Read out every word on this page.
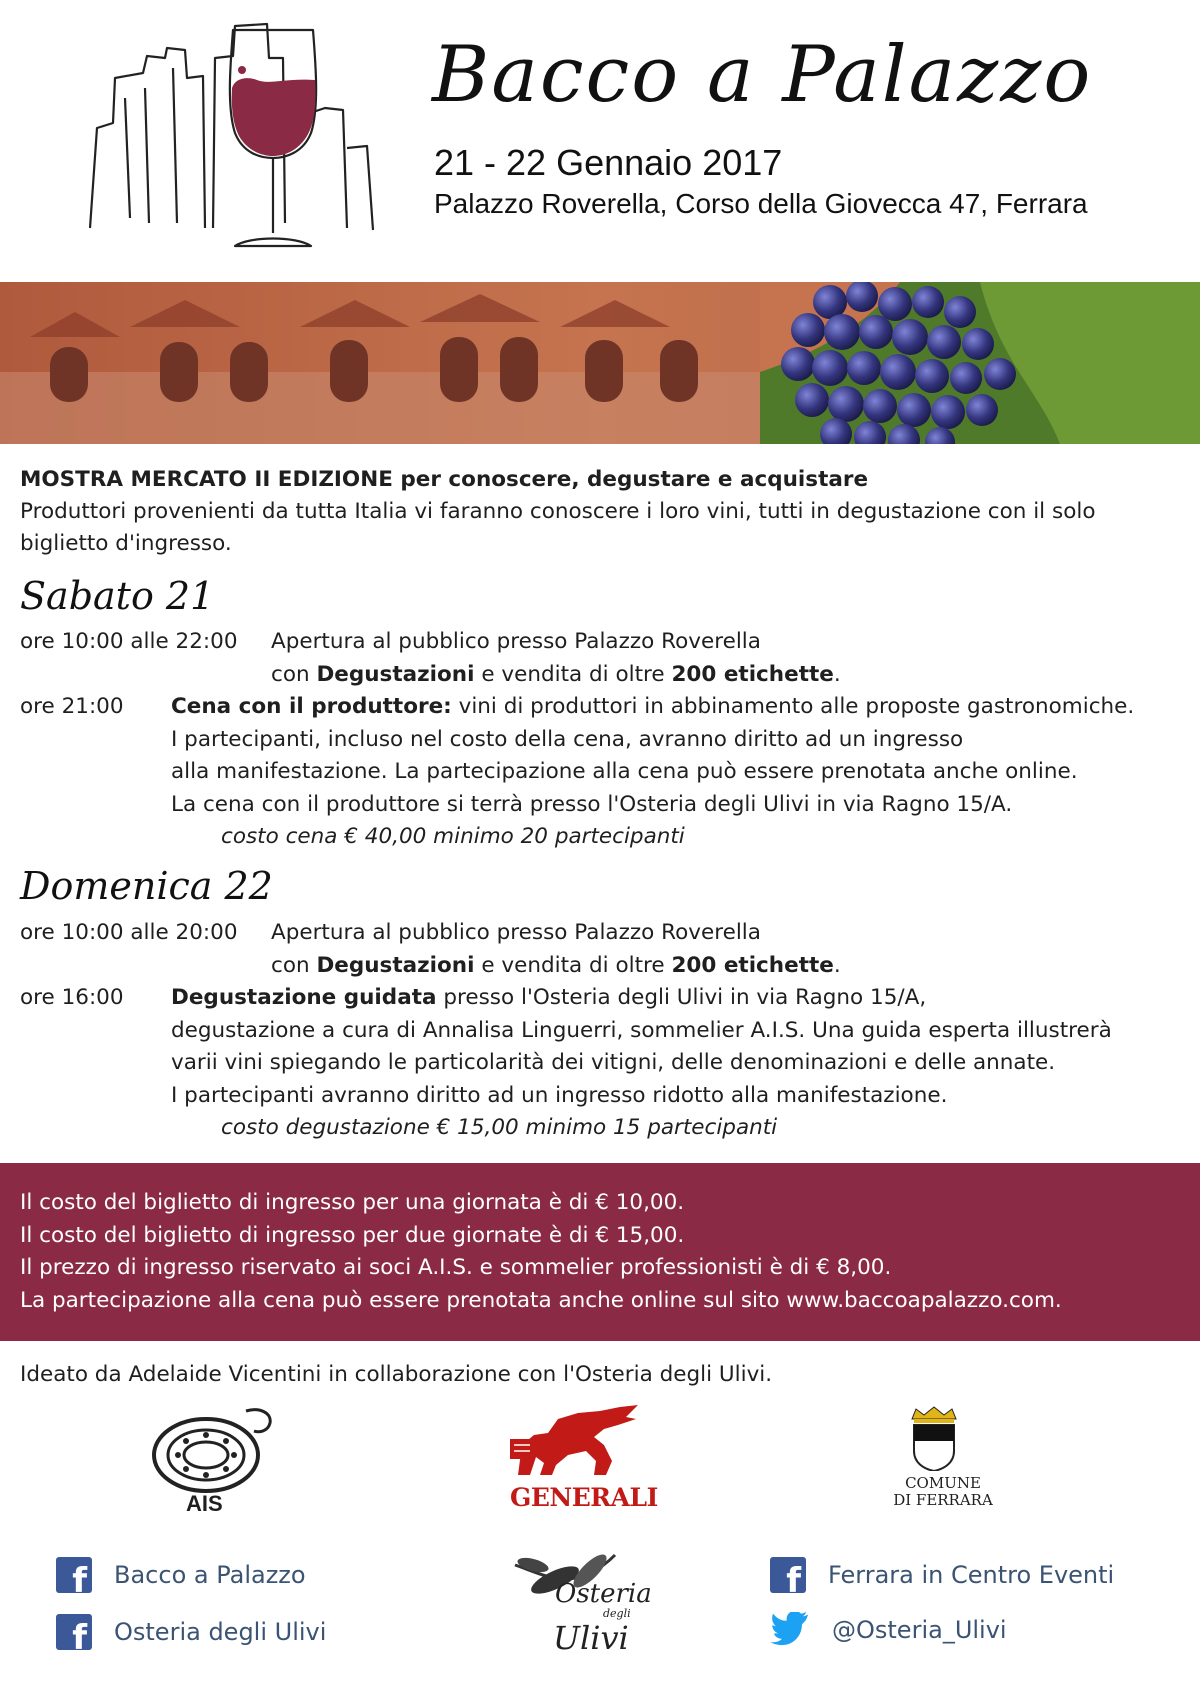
Bacco a Palazzo
21 - 22 Gennaio 2017
Palazzo Roverella, Corso della Giovecca 47, Ferrara
MOSTRA MERCATO II EDIZIONE per conoscere, degustare e acquistare
Produttori provenienti da tutta Italia vi faranno conoscere i loro vini, tutti in degustazione con il solo
biglietto d'ingresso.
Sabato 21
ore 10:00 alle 22:00 Apertura al pubblico presso Palazzo Roverella
con Degustazioni e vendita di oltre 200 etichette.
ore 21:00 Cena con il produttore: vini di produttori in abbinamento alle proposte gastronomiche.
I partecipanti, incluso nel costo della cena, avranno diritto ad un ingresso
alla manifestazione. La partecipazione alla cena può essere prenotata anche online.
La cena con il produttore si terrà presso l'Osteria degli Ulivi in via Ragno 15/A.
costo cena € 40,00 minimo 20 partecipanti
Domenica 22
ore 10:00 alle 20:00 Apertura al pubblico presso Palazzo Roverella
con Degustazioni e vendita di oltre 200 etichette.
ore 16:00 Degustazione guidata presso l'Osteria degli Ulivi in via Ragno 15/A,
degustazione a cura di Annalisa Linguerri, sommelier A.I.S. Una guida esperta illustrerà
varii vini spiegando le particolarità dei vitigni, delle denominazioni e delle annate.
I partecipanti avranno diritto ad un ingresso ridotto alla manifestazione.
costo degustazione € 15,00 minimo 15 partecipanti
Il costo del biglietto di ingresso per una giornata è di € 10,00.
Il costo del biglietto di ingresso per due giornate è di € 15,00.
Il prezzo di ingresso riservato ai soci A.I.S. e sommelier professionisti è di € 8,00.
La partecipazione alla cena può essere prenotata anche online sul sito www.baccoapalazzo.com.
Ideato da Adelaide Vicentini in collaborazione con l'Osteria degli Ulivi.
AIS	GENERALI	COMUNE
DI FERRARA
Osteria
degli
Ulivi
f
Bacco a Palazzo
f
Osteria degli Ulivi
f
Ferrara in Centro Eventi
@Osteria_Ulivi
